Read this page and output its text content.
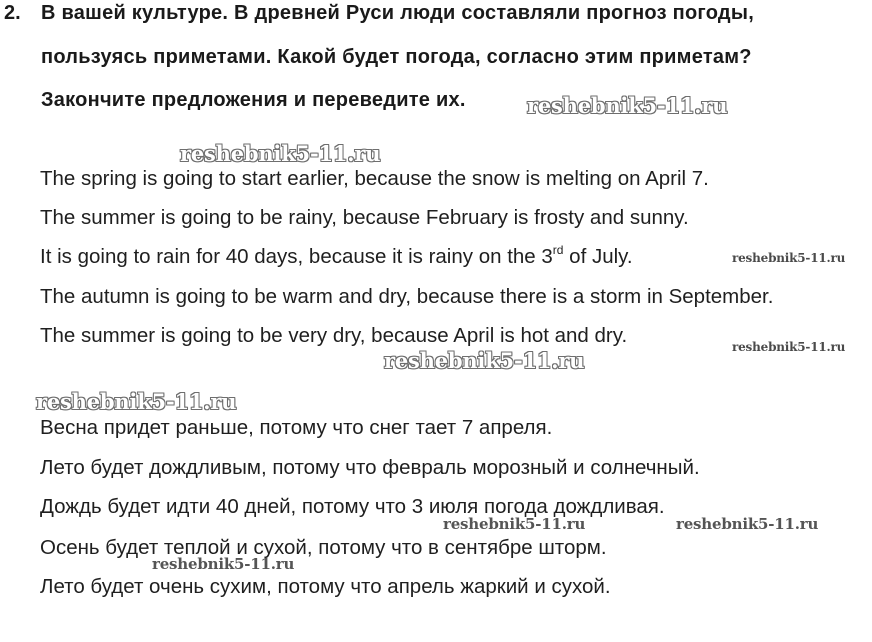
2. В вашей культуре. В древней Руси люди составляли прогноз погоды,
пользуясь приметами. Какой будет погода, согласно этим приметам?
Закончите предложения и переведите их.
The spring is going to start earlier, because the snow is melting on April 7.
The summer is going to be rainy, because February is frosty and sunny.
It is going to rain for 40 days, because it is rainy on the 3rd of July.
The autumn is going to be warm and dry, because there is a storm in September.
The summer is going to be very dry, because April is hot and dry.
Весна придет раньше, потому что снег тает 7 апреля.
Лето будет дождливым, потому что февраль морозный и солнечный.
Дождь будет идти 40 дней, потому что 3 июля погода дождливая.
Осень будет теплой и сухой, потому что в сентябре шторм.
Лето будет очень сухим, потому что апрель жаркий и сухой.
reshebnik5-11.ru
reshebnik5-11.ru
reshebnik5-11.ru
reshebnik5-11.ru
reshebnik5-11.ru
reshebnik5-11.ru
reshebnik5-11.ru	reshebnik5-11.ru
reshebnik5-11.ru
